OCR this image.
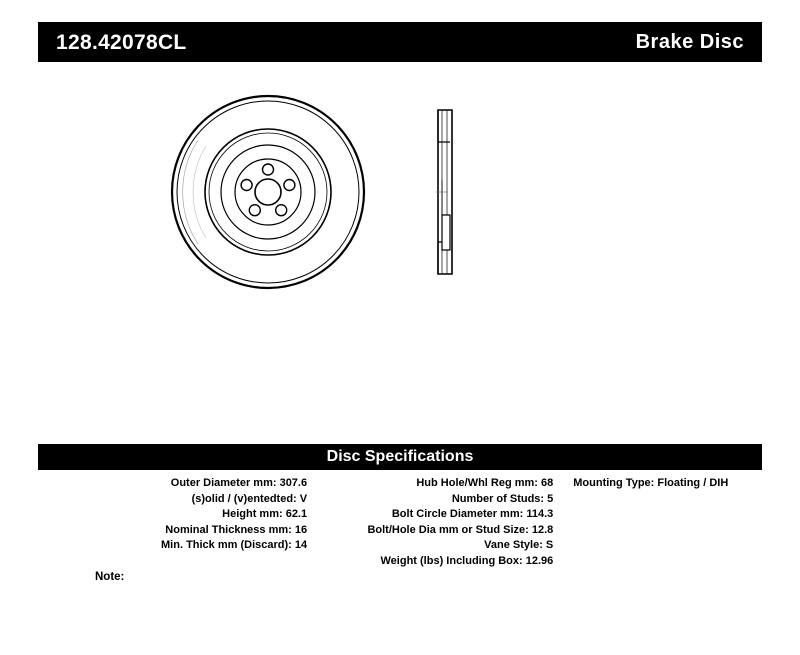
128.42078CL	Brake Disc
Disc Specifications
Outer Diameter mm: 307.6
(s)olid / (v)entedted: V
Height mm: 62.1
Nominal Thickness mm: 16
Min. Thick mm (Discard): 14
Hub Hole/Whl Reg mm: 68
Number of Studs: 5
Bolt Circle Diameter mm: 114.3
Bolt/Hole Dia mm or Stud Size: 12.8
Vane Style: S
Weight (lbs) Including Box: 12.96
Mounting Type: Floating / DIH
Note:
